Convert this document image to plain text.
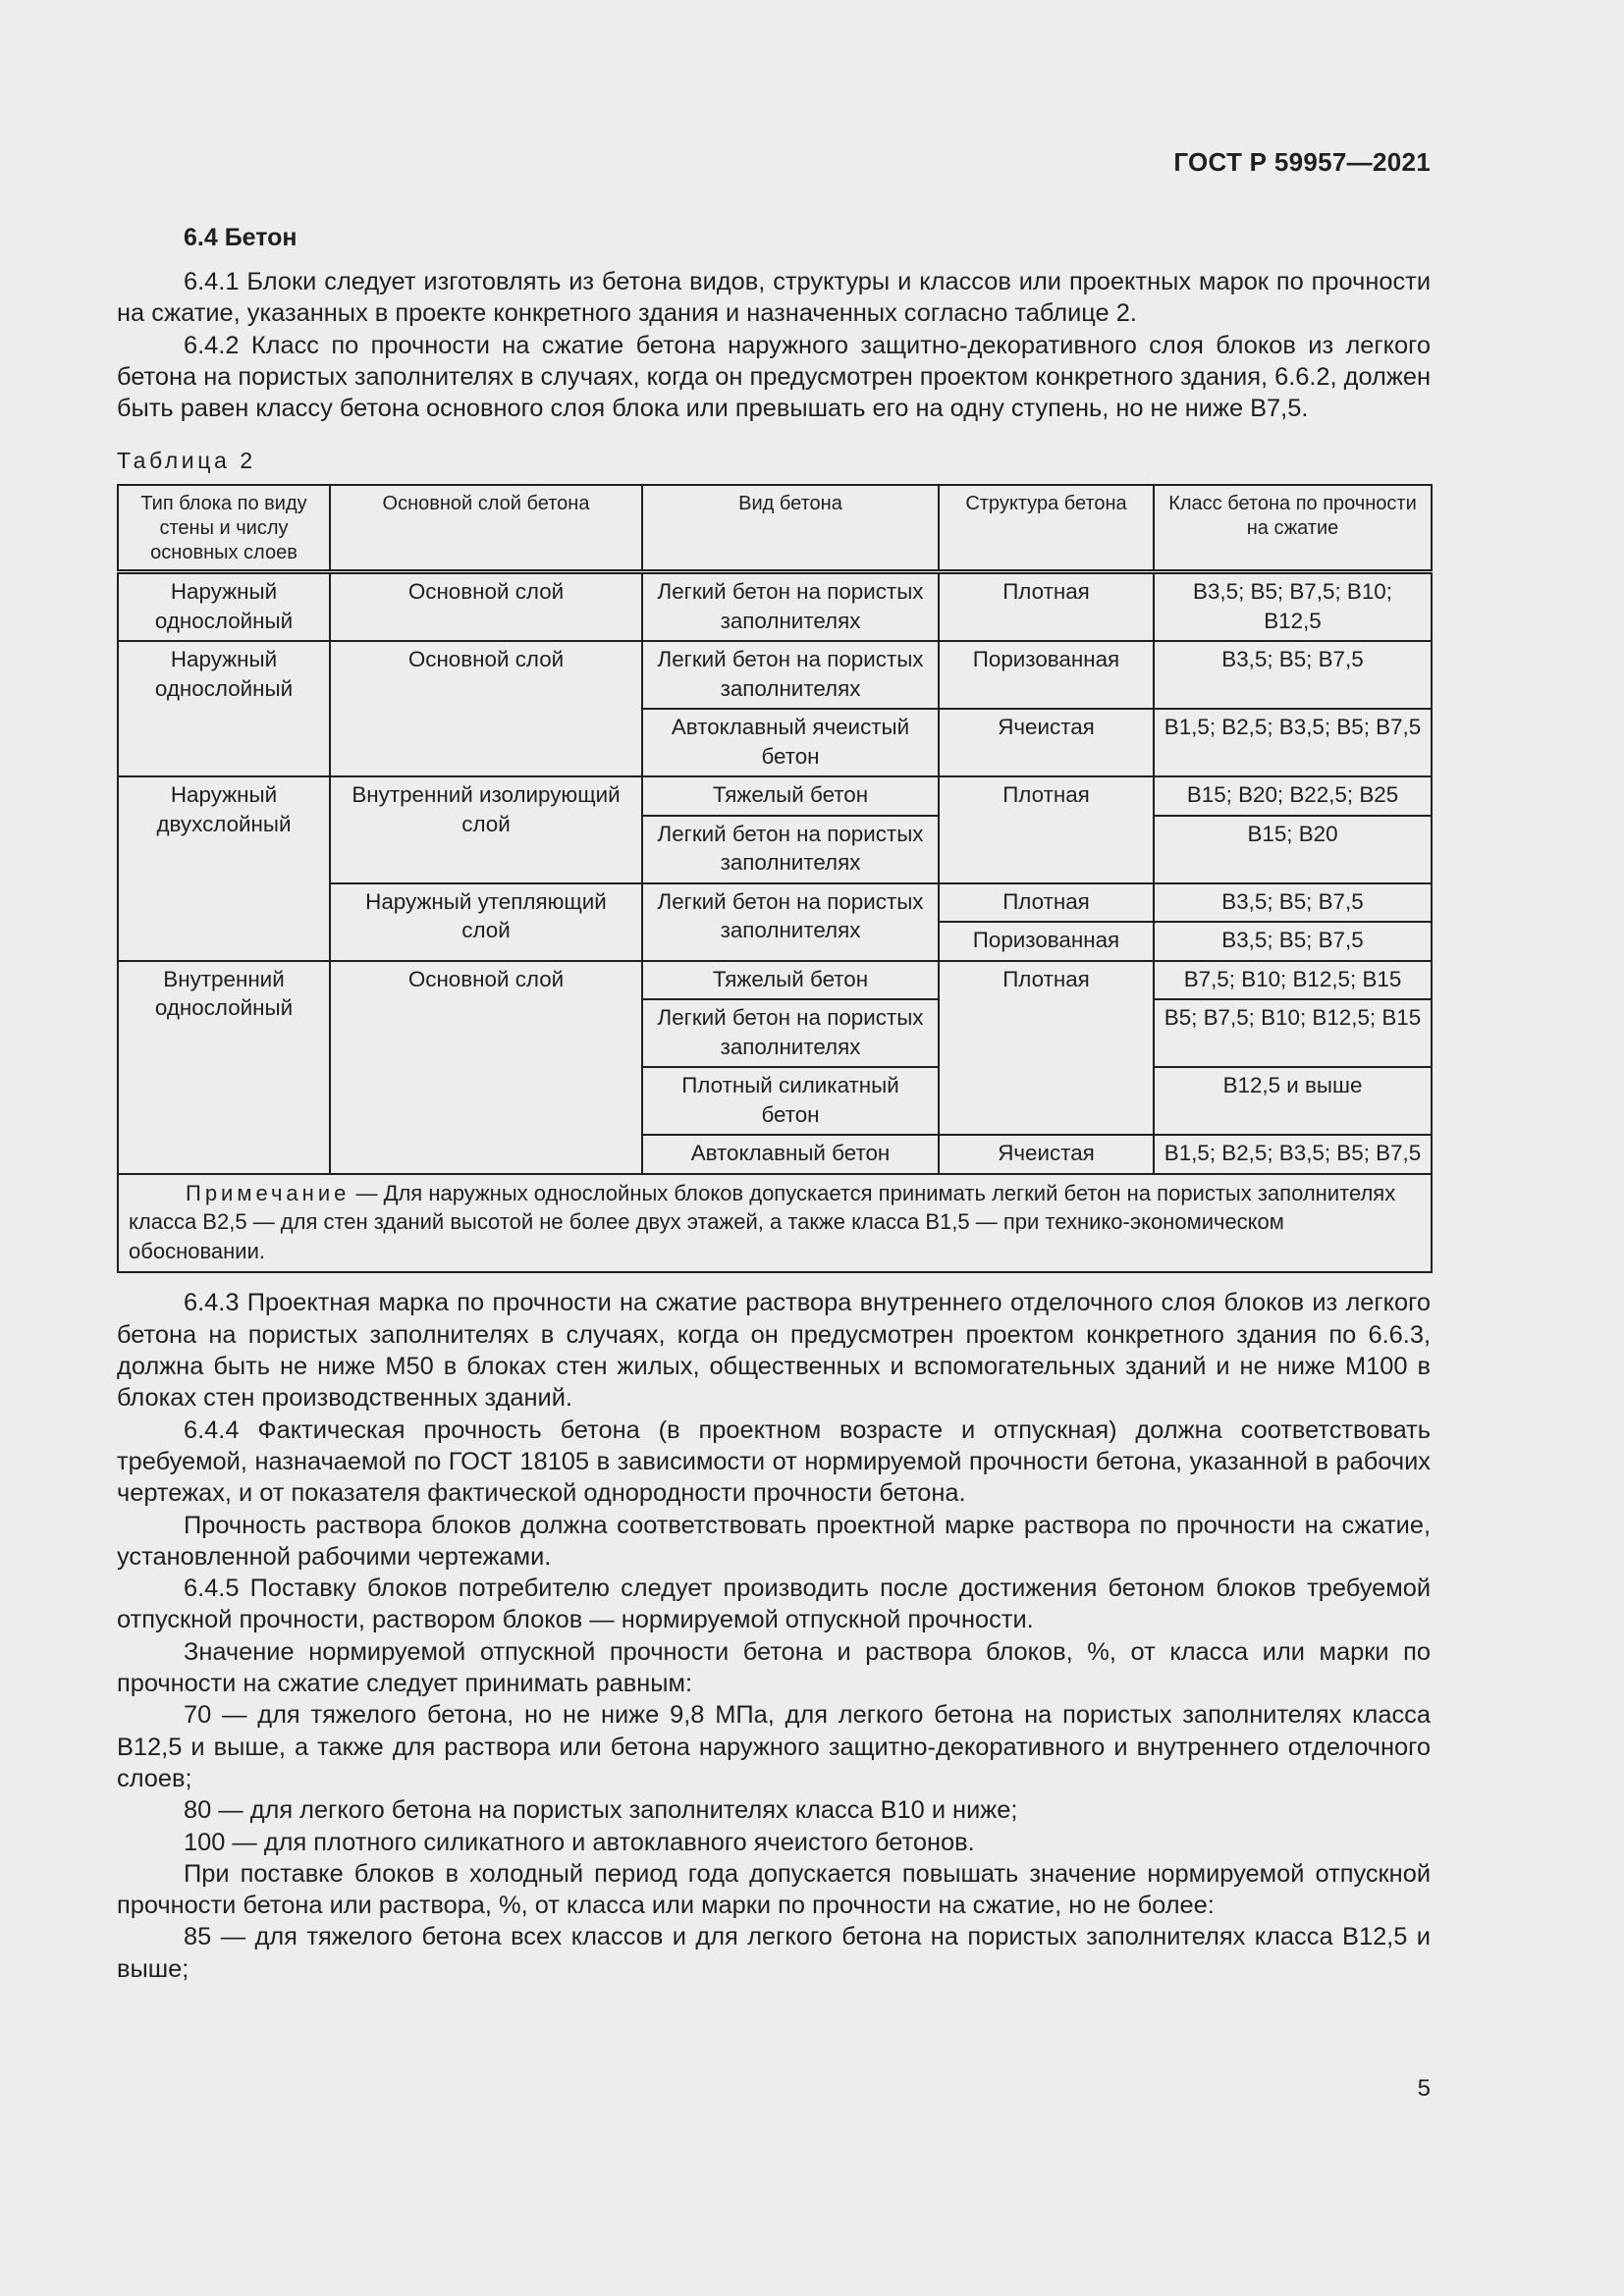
ГОСТ Р 59957—2021
6.4 Бетон

6.4.1 Блоки следует изготовлять из бетона видов, структуры и классов или проектных марок по прочности на сжатие, указанных в проекте конкретного здания и назначенных согласно таблице 2.

6.4.2 Класс по прочности на сжатие бетона наружного защитно-декоративного слоя блоков из легкого бетона на пористых заполнителях в случаях, когда он предусмотрен проектом конкретного здания, 6.6.2, должен быть равен классу бетона основного слоя блока или превышать его на одну ступень, но не ниже В7,5.

Таблица 2
Тип блока по виду стены и числу основных слоев	Основной слой бетона	Вид бетона	Структура бетона	Класс бетона по прочности на сжатие
Наружный однослойный	Основной слой	Легкий бетон на пористых заполнителях	Плотная	В3,5; В5; В7,5; В10; В12,5
Наружный однослойный	Основной слой	Легкий бетон на пористых заполнителях	Поризованная	В3,5; В5; В7,5
		Автоклавный ячеистый бетон	Ячеистая	В1,5; В2,5; В3,5; В5; В7,5
Наружный двухслойный	Внутренний изолирующий слой	Тяжелый бетон	Плотная	В15; В20; В22,5; В25
		Легкий бетон на пористых заполнителях		В15; В20
	Наружный утепляющий слой	Легкий бетон на пористых заполнителях	Плотная	В3,5; В5; В7,5
			Поризованная	В3,5; В5; В7,5
Внутренний однослойный	Основной слой	Тяжелый бетон	Плотная	В7,5; В10; В12,5; В15
		Легкий бетон на пористых заполнителях		В5; В7,5; В10; В12,5; В15
		Плотный силикатный бетон		В12,5 и выше
		Автоклавный бетон	Ячеистая	В1,5; В2,5; В3,5; В5; В7,5
Примечание — Для наружных однослойных блоков допускается принимать легкий бетон на пористых заполнителях класса В2,5 — для стен зданий высотой не более двух этажей, а также класса В1,5 — при технико-экономическом обосновании.				

6.4.3 Проектная марка по прочности на сжатие раствора внутреннего отделочного слоя блоков из легкого бетона на пористых заполнителях в случаях, когда он предусмотрен проектом конкретного здания по 6.6.3, должна быть не ниже М50 в блоках стен жилых, общественных и вспомогательных зданий и не ниже М100 в блоках стен производственных зданий.

6.4.4 Фактическая прочность бетона (в проектном возрасте и отпускная) должна соответствовать требуемой, назначаемой по ГОСТ 18105 в зависимости от нормируемой прочности бетона, указанной в рабочих чертежах, и от показателя фактической однородности прочности бетона.

Прочность раствора блоков должна соответствовать проектной марке раствора по прочности на сжатие, установленной рабочими чертежами.

6.4.5 Поставку блоков потребителю следует производить после достижения бетоном блоков требуемой отпускной прочности, раствором блоков — нормируемой отпускной прочности.

Значение нормируемой отпускной прочности бетона и раствора блоков, %, от класса или марки по прочности на сжатие следует принимать равным:

70 — для тяжелого бетона, но не ниже 9,8 МПа, для легкого бетона на пористых заполнителях класса В12,5 и выше, а также для раствора или бетона наружного защитно-декоративного и внутреннего отделочного слоев;

80 — для легкого бетона на пористых заполнителях класса В10 и ниже;

100 — для плотного силикатного и автоклавного ячеистого бетонов.

При поставке блоков в холодный период года допускается повышать значение нормируемой отпускной прочности бетона или раствора, %, от класса или марки по прочности на сжатие, но не более:

85 — для тяжелого бетона всех классов и для легкого бетона на пористых заполнителях класса В12,5 и выше;

5
